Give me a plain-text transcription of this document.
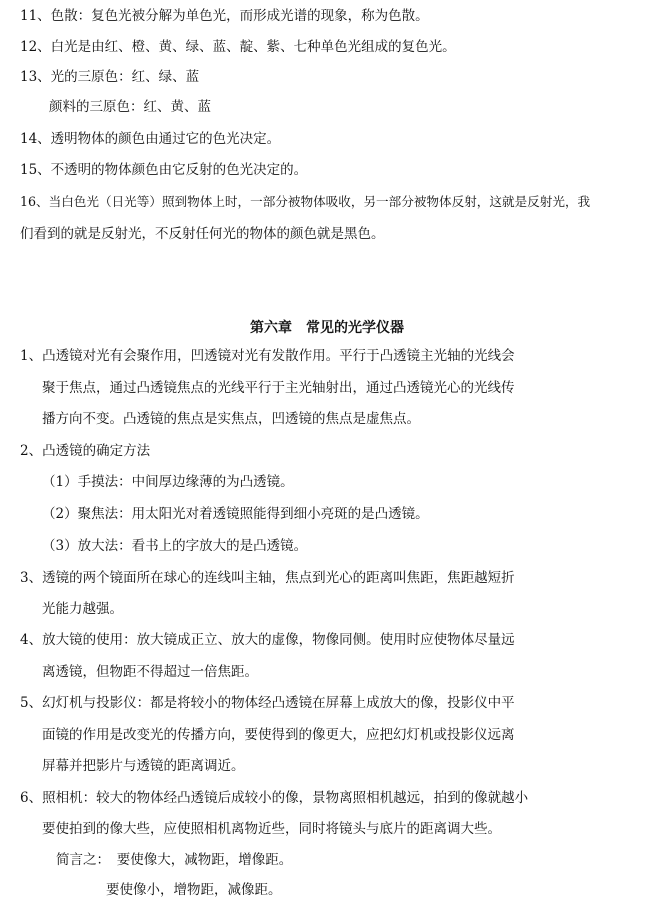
11、色散：复色光被分解为单色光，而形成光谱的现象，称为色散。
12、白光是由红、橙、黄、绿、蓝、靛、紫、七种单色光组成的复色光。
13、光的三原色：红、绿、蓝
颜料的三原色：红、黄、蓝
14、透明物体的颜色由通过它的色光决定。
15、不透明的物体颜色由它反射的色光决定的。
16、当白色光（日光等）照到物体上时，一部分被物体吸收，另一部分被物体反射，这就是反射光，我
们看到的就是反射光，不反射任何光的物体的颜色就是黑色。
第六章　常见的光学仪器
1、凸透镜对光有会聚作用，凹透镜对光有发散作用。平行于凸透镜主光轴的光线会
聚于焦点，通过凸透镜焦点的光线平行于主光轴射出，通过凸透镜光心的光线传
播方向不变。凸透镜的焦点是实焦点，凹透镜的焦点是虚焦点。
2、凸透镜的确定方法
（1）手摸法：中间厚边缘薄的为凸透镜。
（2）聚焦法：用太阳光对着透镜照能得到细小亮斑的是凸透镜。
（3）放大法：看书上的字放大的是凸透镜。
3、透镜的两个镜面所在球心的连线叫主轴，焦点到光心的距离叫焦距，焦距越短折
光能力越强。
4、放大镜的使用：放大镜成正立、放大的虚像，物像同侧。使用时应使物体尽量远
离透镜，但物距不得超过一倍焦距。
5、幻灯机与投影仪：都是将较小的物体经凸透镜在屏幕上成放大的像，投影仪中平
面镜的作用是改变光的传播方向，要使得到的像更大，应把幻灯机或投影仪远离
屏幕并把影片与透镜的距离调近。
6、照相机：较大的物体经凸透镜后成较小的像，景物离照相机越远，拍到的像就越小
要使拍到的像大些，应使照相机离物近些，同时将镜头与底片的距离调大些。
简言之：　要使像大，减物距，增像距。
要使像小，增物距，减像距。
